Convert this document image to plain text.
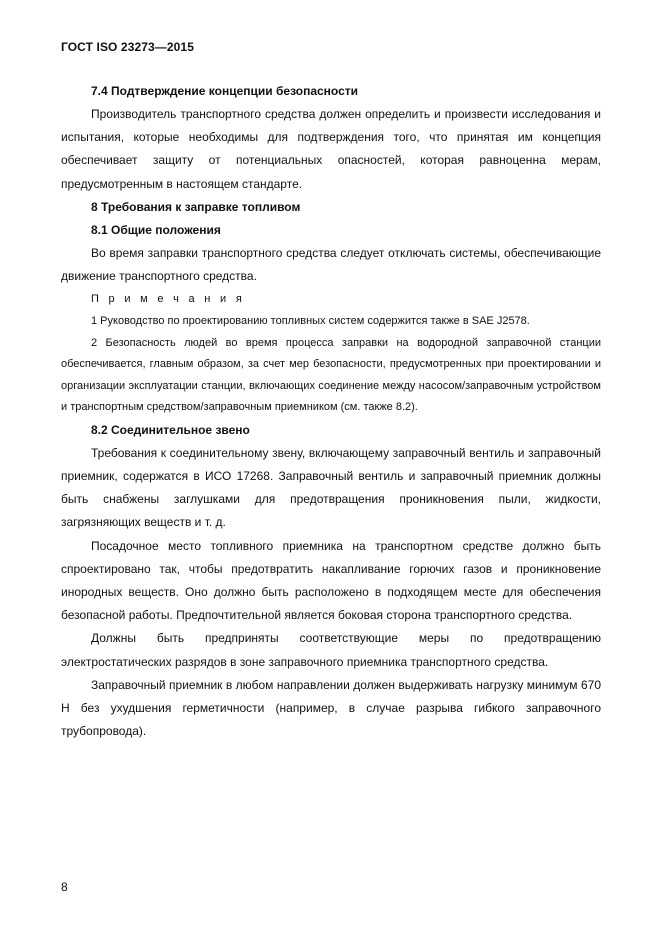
ГОСТ ISO 23273—2015

7.4 Подтверждение концепции безопасности

Производитель транспортного средства должен определить и произвести исследования и испытания, которые необходимы для подтверждения того, что принятая им концепция обеспечивает защиту от потенциальных опасностей, которая равноценна мерам, предусмотренным в настоящем стандарте.

8 Требования к заправке топливом

8.1 Общие положения

Во время заправки транспортного средства следует отключать системы, обеспечивающие движение транспортного средства.

П р и м е ч а н и я

1 Руководство по проектированию топливных систем содержится также в SAE J2578.

2 Безопасность людей во время процесса заправки на водородной заправочной станции обеспечивается, главным образом, за счет мер безопасности, предусмотренных при проектировании и организации эксплуатации станции, включающих соединение между насосом/заправочным устройством и транспортным средством/заправочным приемником (см. также 8.2).

8.2 Соединительное звено

Требования к соединительному звену, включающему заправочный вентиль и заправочный приемник, содержатся в ИСО 17268. Заправочный вентиль и заправочный приемник должны быть снабжены заглушками для предотвращения проникновения пыли, жидкости, загрязняющих веществ и т. д.

Посадочное место топливного приемника на транспортном средстве должно быть спроектировано так, чтобы предотвратить накапливание горючих газов и проникновение инородных веществ. Оно должно быть расположено в подходящем месте для обеспечения безопасной работы. Предпочтительной является боковая сторона транспортного средства.

Должны быть предприняты соответствующие меры по предотвращению электростатических разрядов в зоне заправочного приемника транспортного средства.

Заправочный приемник в любом направлении должен выдерживать нагрузку минимум 670 Н без ухудшения герметичности (например, в случае разрыва гибкого заправочного трубопровода).

8
